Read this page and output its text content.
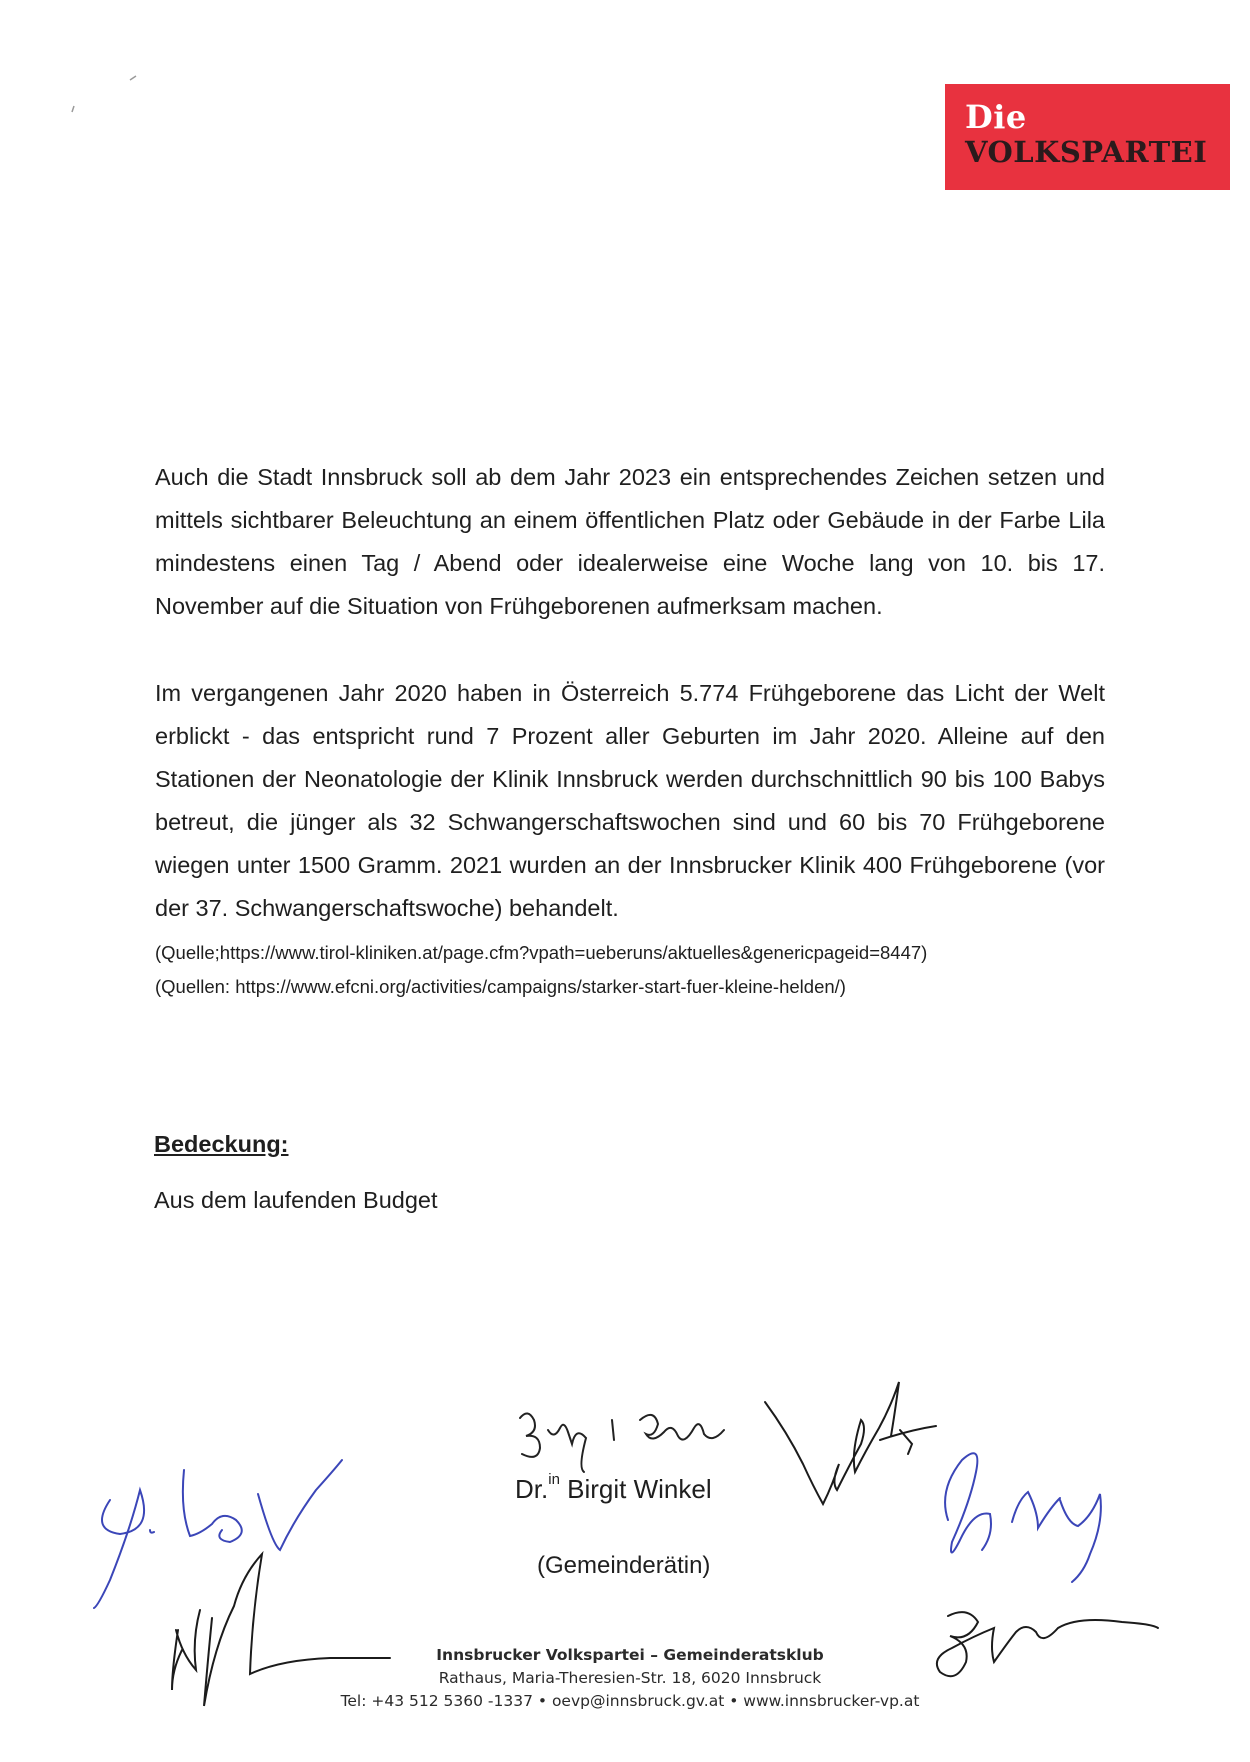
Die
VOLKSPARTEI

Auch die Stadt Innsbruck soll ab dem Jahr 2023 ein entsprechendes Zeichen setzen und mittels sichtbarer Beleuchtung an einem öffentlichen Platz oder Gebäude in der Farbe Lila mindestens einen Tag / Abend oder idealerweise eine Woche lang von 10. bis 17. November auf die Situation von Frühgeborenen aufmerksam machen.

Im vergangenen Jahr 2020 haben in Österreich 5.774 Frühgeborene das Licht der Welt erblickt - das entspricht rund 7 Prozent aller Geburten im Jahr 2020. Alleine auf den Stationen der Neonatologie der Klinik Innsbruck werden durchschnittlich 90 bis 100 Babys betreut, die jünger als 32 Schwangerschaftswochen sind und 60 bis 70 Frühgeborene wiegen unter 1500 Gramm. 2021 wurden an der Innsbrucker Klinik 400 Frühgeborene (vor der 37. Schwangerschaftswoche) behandelt.

(Quelle;https://www.tirol-kliniken.at/page.cfm?vpath=ueberuns/aktuelles&genericpageid=8447)

(Quellen: https://www.efcni.org/activities/campaigns/starker-start-fuer-kleine-helden/)

Bedeckung:

Aus dem laufenden Budget

Dr.$^{in}$ Birgit Winkel

(Gemeinderätin)

Innsbrucker Volkspartei – Gemeinderatsklub
Rathaus, Maria-Theresien-Str. 18, 6020 Innsbruck
Tel: +43 512 5360 -1337 • oevp@innsbruck.gv.at • www.innsbrucker-vp.at
